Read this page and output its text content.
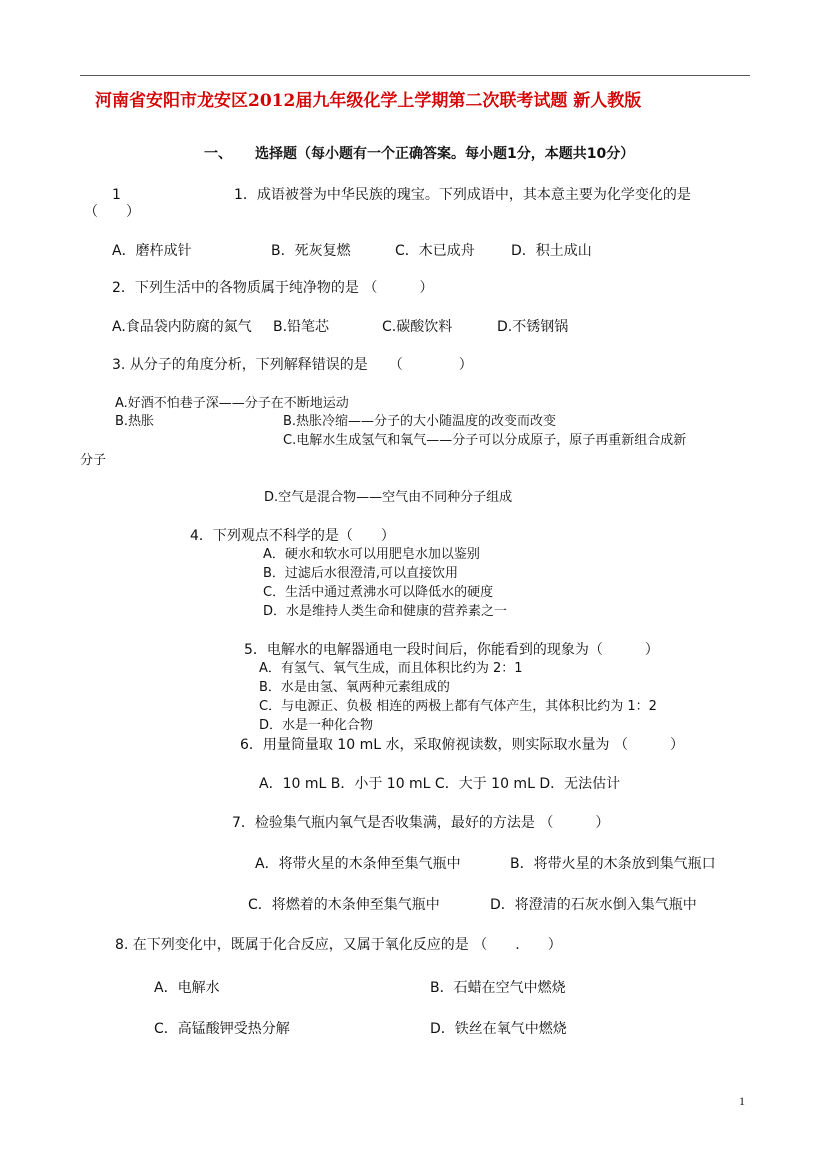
河南省安阳市龙安区2012届九年级化学上学期第二次联考试题 新人教版
一、 选择题（每小题有一个正确答案。每小题1分，本题共10分）
1	1．成语被誉为中华民族的瑰宝。下列成语中，其本意主要为化学变化的是
（　　）
A．磨杵成针	B．死灰复燃	C．木已成舟	D．积土成山
2．下列生活中的各物质属于纯净物的是 （　　　）
A.食品袋内防腐的氮气 B.铅笔芯	C.碳酸饮料	D.不锈钢锅
3. 从分子的角度分析，下列解释错误的是　　（　　　　）
A.好酒不怕巷子深——分子在不断地运动
B.热胀	B.热胀冷缩——分子的大小随温度的改变而改变
C.电解水生成氢气和氧气——分子可以分成原子，原子再重新组合成新
分子
D.空气是混合物——空气由不同种分子组成
4．下列观点不科学的是（　　）
A．硬水和软水可以用肥皂水加以鉴别
B．过滤后水很澄清,可以直接饮用
C．生活中通过煮沸水可以降低水的硬度
D．水是维持人类生命和健康的营养素之一
5．电解水的电解器通电一段时间后，你能看到的现象为（　　　）
A．有氢气、氧气生成，而且体积比约为 2：1
B．水是由氢、氧两种元素组成的
C．与电源正、负极 相连的两极上都有气体产生，其体积比约为 1：2
D．水是一种化合物
6．用量筒量取 10 mL 水，采取俯视读数，则实际取水量为 （　　　）
A．10 mL B．小于 10 mL C．大于 10 mL D．无法估计
7．检验集气瓶内氧气是否收集满，最好的方法是 （　　　）
A．将带火星的木条伸至集气瓶中	B．将带火星的木条放到集气瓶口
C．将燃着的木条伸至集气瓶中	D．将澄清的石灰水倒入集气瓶中
8. 在下列变化中，既属于化合反应，又属于氧化反应的是 （　　.　　）
A．电解水	B．石蜡在空气中燃烧
C．高锰酸钾受热分解	D．铁丝在氧气中燃烧
1
